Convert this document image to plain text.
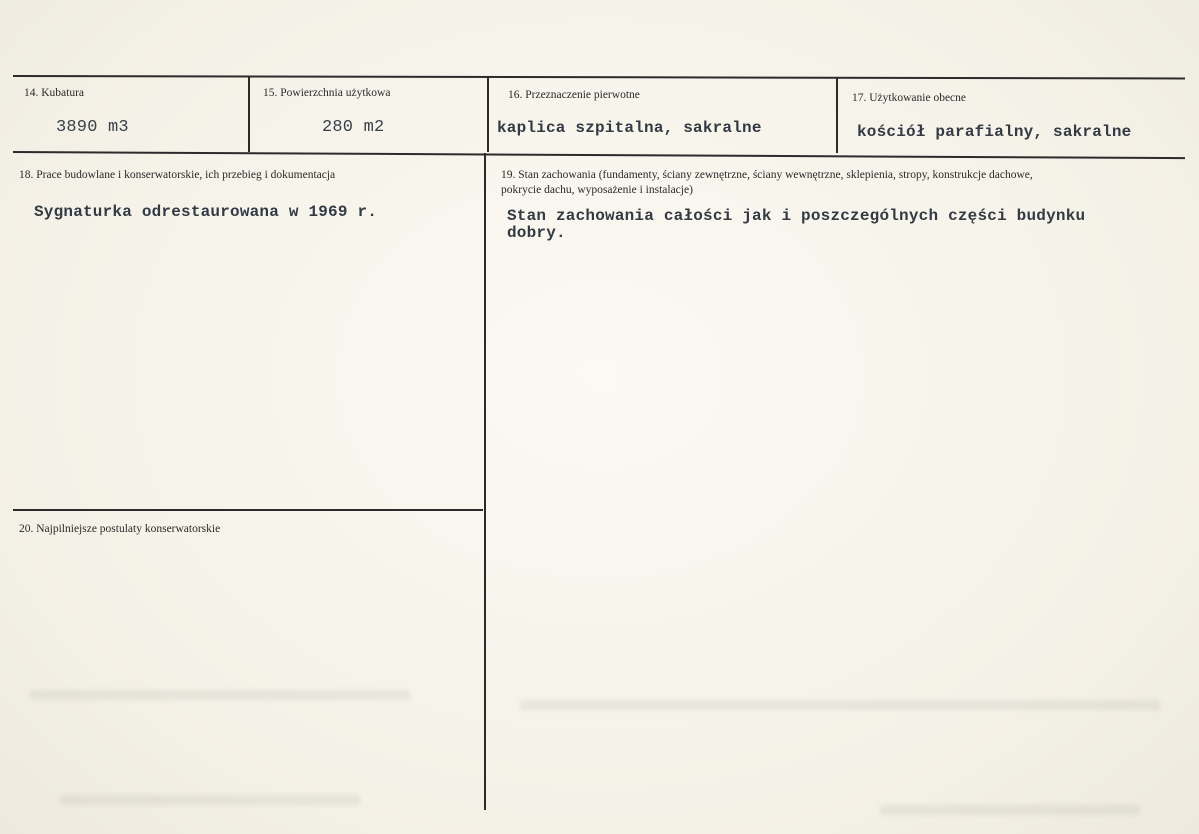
14. Kubatura
3890 m3
15. Powierzchnia użytkowa
280 m2
16. Przeznaczenie pierwotne
kaplica szpitalna, sakralne
17. Użytkowanie obecne
kościół parafialny, sakralne
18. Prace budowlane i konserwatorskie, ich przebieg i dokumentacja
Sygnaturka odrestaurowana w 1969 r.
19. Stan zachowania (fundamenty, ściany zewnętrzne, ściany wewnętrzne, sklepienia, stropy, konstrukcje dachowe, pokrycie dachu, wyposażenie i instalacje)
Stan zachowania całości jak i poszczególnych części budynku dobry.
20. Najpilniejsze postulaty konserwatorskie
